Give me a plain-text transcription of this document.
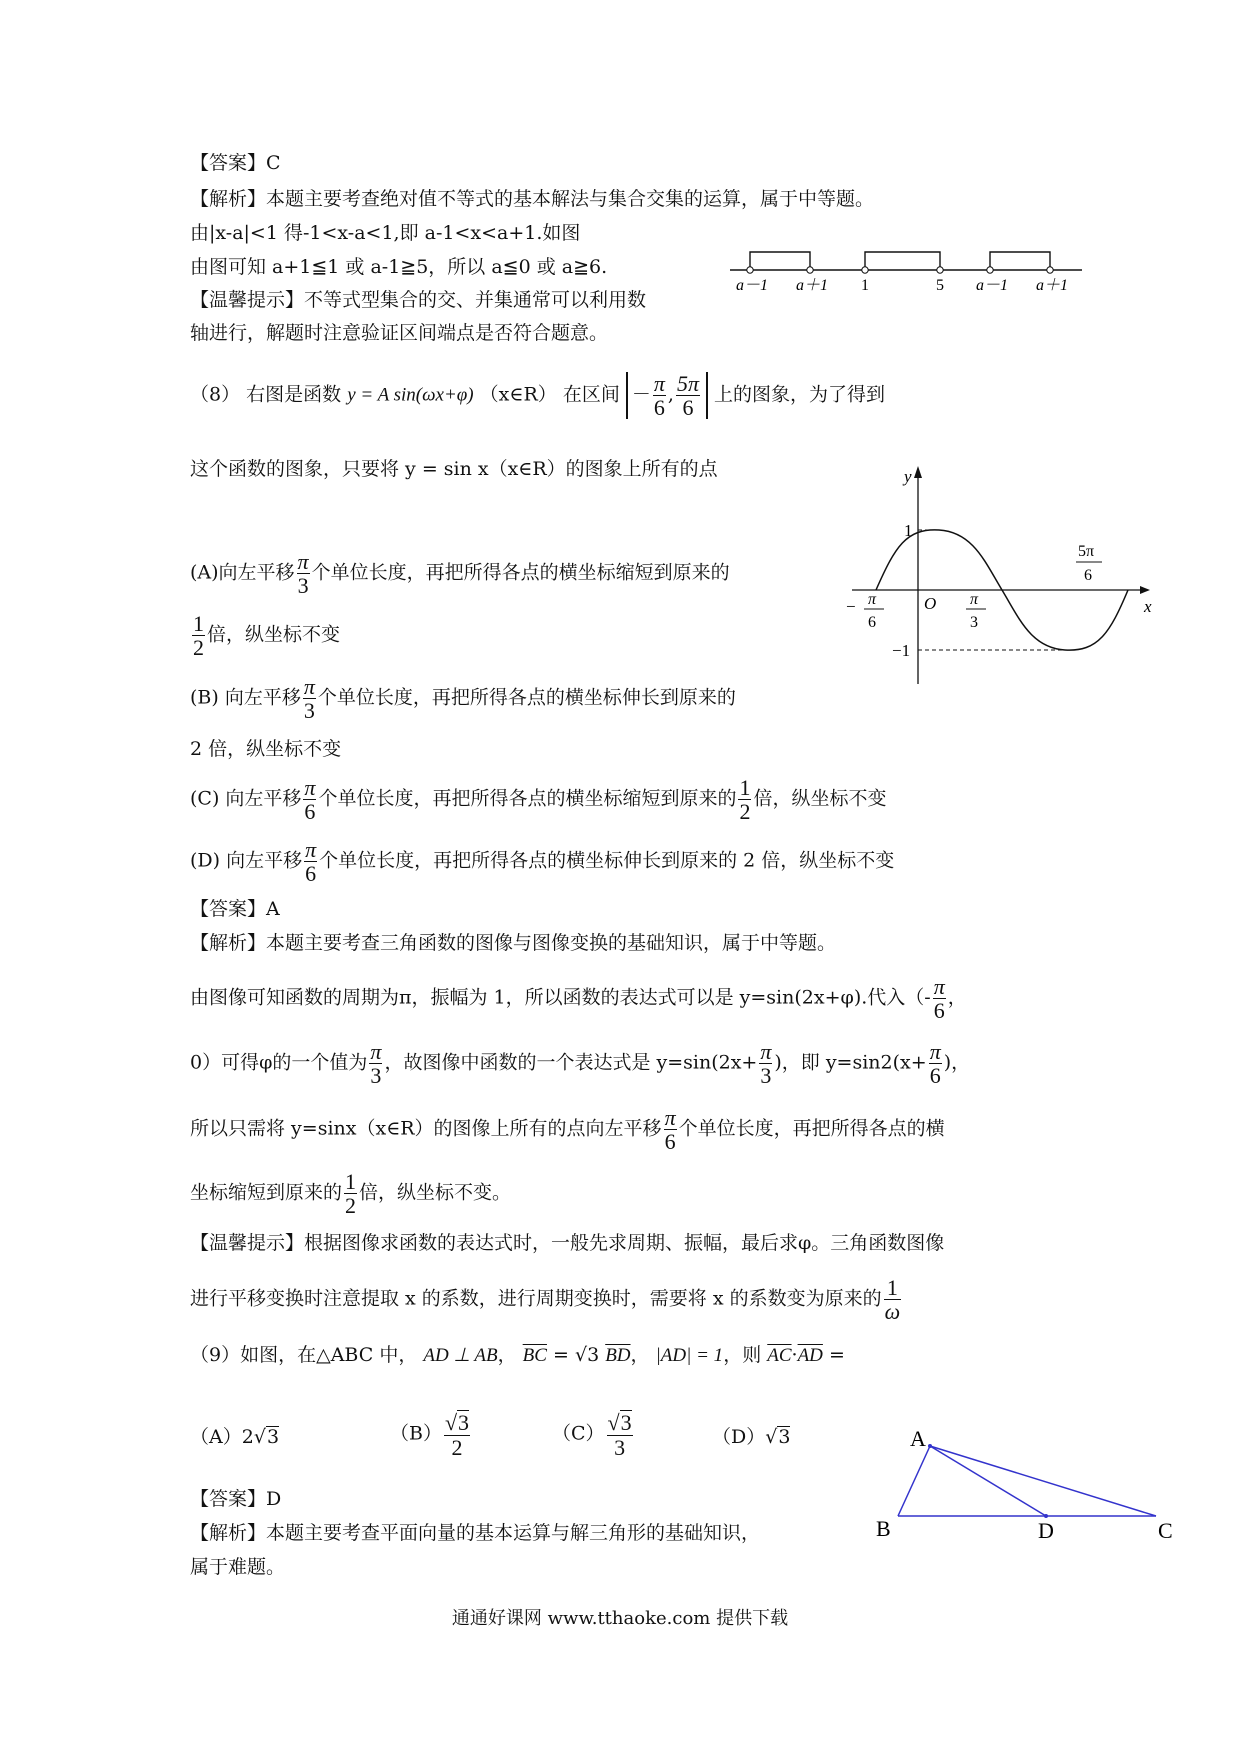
【答案】C
【解析】本题主要考查绝对值不等式的基本解法与集合交集的运算，属于中等题。
由|x-a|<1 得-1<x-a<1,即 a-1<x<a+1.如图
由图可知 a+1≦1 或 a-1≧5，所以 a≦0 或 a≧6.
【温馨提示】不等式型集合的交、并集通常可以利用数
轴进行，解题时注意验证区间端点是否符合题意。
a－1 a＋1 1	5 a－1 a＋1
（8） 右图是函数 y = A sin(ωx+φ) （x∈R） 在区间 － $\frac{\pi}{6}$ , $\frac{5\pi}{6}$ 上的图象，为了得到
这个函数的图象，只要将 y = sin x（x∈R）的图象上所有的点
(A)向左平移 $\frac{\pi}{3}$ 个单位长度，再把所得各点的横坐标缩短到原来的
$\frac{1}{2}$ 倍，纵坐标不变
(B) 向左平移 $\frac{\pi}{3}$ 个单位长度，再把所得各点的横坐标伸长到原来的
2 倍，纵坐标不变
(C) 向左平移 $\frac{\pi}{6}$ 个单位长度，再把所得各点的横坐标缩短到原来的 $\frac{1}{2}$ 倍，纵坐标不变
(D) 向左平移 $\frac{\pi}{6}$ 个单位长度，再把所得各点的横坐标伸长到原来的 2 倍，纵坐标不变
【答案】A
【解析】本题主要考查三角函数的图像与图像变换的基础知识，属于中等题。
由图像可知函数的周期为π，振幅为 1，所以函数的表达式可以是 y=sin(2x+φ).代入（- $\frac{\pi}{6}$ ，
0）可得φ的一个值为 $\frac{\pi}{3}$ ，故图像中函数的一个表达式是 $y=\sin(2x+ \frac{\pi}{3}$ )，即 $y=\sin 2(x+ \frac{\pi}{6}$ )，
所以只需将 y=sinx（x∈R）的图像上所有的点向左平移 $\frac{\pi}{6}$ 个单位长度，再把所得各点的横
坐标缩短到原来的 $\frac{1}{2}$ 倍，纵坐标不变。
【温馨提示】根据图像求函数的表达式时，一般先求周期、振幅，最后求φ。三角函数图像
进行平移变换时注意提取 x 的系数，进行周期变换时，需要将 x 的系数变为原来的 $\frac{1}{\omega}$
y
x
O
1
−1
− π
6
π
3
5π
6
（9）如图，在△ABC 中， AD ⊥ AB， $\overline{BC} = √3$ $\overline{BD}$， |AD| = 1，则 $\overline{AC}\cdot\overline{AD}$ =
（A）2√3	$(B) \frac{√3}{2}$	$(C) \frac{√3}{3}$	（D）√3
【答案】D
【解析】本题主要考查平面向量的基本运算与解三角形的基础知识，
属于难题。
A
B	D	C
通通好课网 www.tthaoke.com 提供下载
